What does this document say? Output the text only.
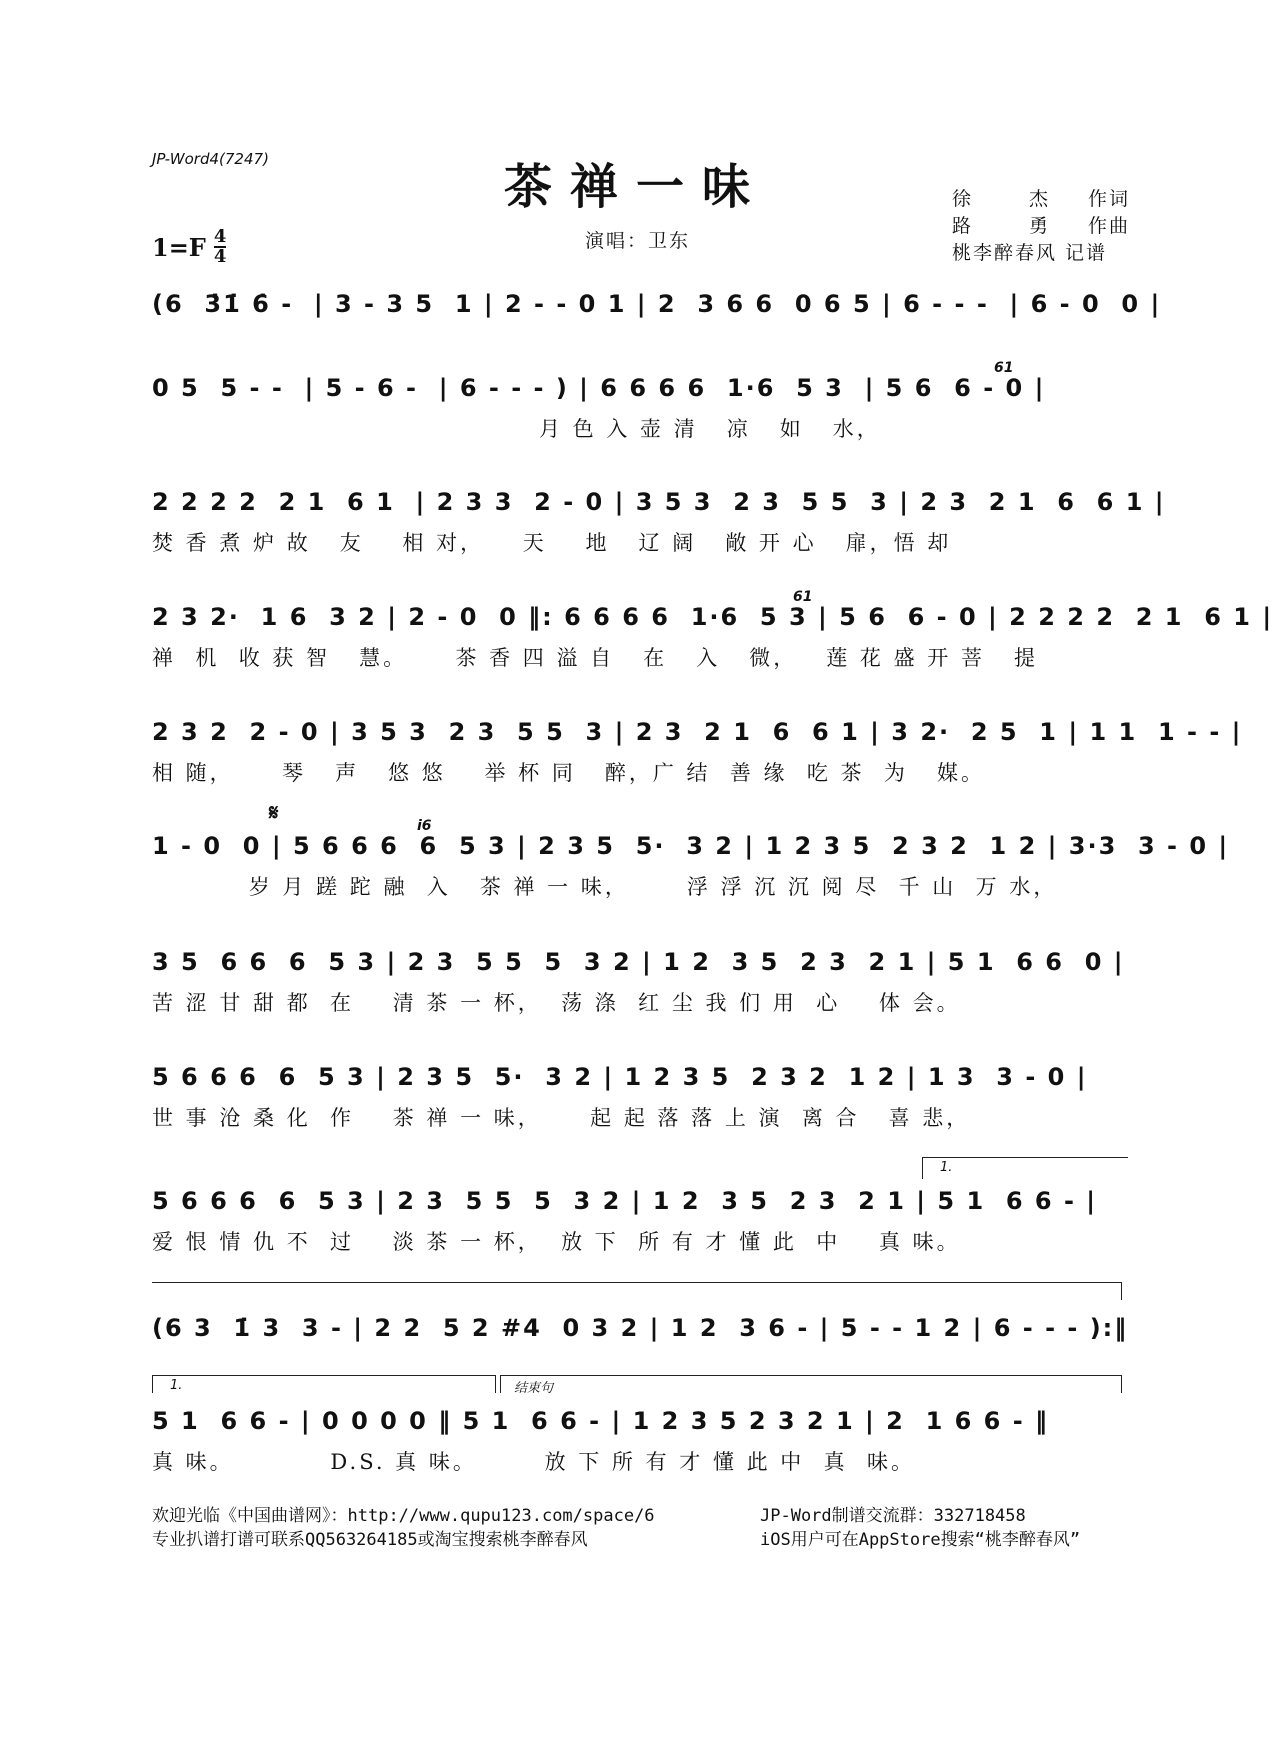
JP-Word4(7247)	茶禅一味	徐	杰 作词
路	勇 作曲
桃李醉春风 记谱
$1=F \frac{4}{4}$	演唱：卫东
(6  3̇1̇ 6̇ -  | 3 - 3 5  1 | 2 - - 0 1 | 2  3 6 6  0 6 5 | 6 - - -  | 6 - 0  0 |
0 5  5 - -  | 5 - 6 -  | 6 - - - ) | 6 6 6 6  1·6  5 3  | 5 6  6 - 0 |
月 色 入 壶 清   凉   如   水，
61
2 2 2 2  2 1  6 1  | 2 3 3  2 - 0 | 3 5 3  2 3  5 5  3 | 2 3  2 1  6  6 1 |
焚 香 煮 炉 故   友    相 对，    天    地   辽 阔   敞 开 心   扉，悟 却
2 3 2·  1 6  3 2 | 2 - 0  0 ‖: 6 6 6 6  1·6  5 3 | 5 6  6 - 0 | 2 2 2 2  2 1  6 1 |
禅  机  收 获 智   慧。     茶 香 四 溢 自   在   入   微，   莲 花 盛 开 菩   提
61
2 3 2  2 - 0 | 3 5 3  2 3  5 5  3 | 2 3  2 1  6  6 1 | 3 2·  2 5  1 | 1 1  1 - - |
相 随，     琴   声   悠 悠    举 杯 同   醉，广 结  善 缘  吃 茶  为   媒。
1 - 0  0 | 5 6 6 6  6  5 3 | 2 3 5  5·  3 2 | 1 2 3 5  2 3 2  1 2 | 3·3  3 - 0 |
岁 月 蹉 跎 融  入   茶 禅 一 味，      浮 浮 沉 沉 阅 尽  千 山  万 水，
𝄋	i6
3 5  6 6  6  5 3 | 2 3  5 5  5  3 2 | 1 2  3 5  2 3  2 1 | 5 1  6 6  0 |
苦 涩 甘 甜 都  在    清 茶 一 杯，  荡 涤  红 尘 我 们 用  心    体 会。
5 6 6 6  6  5 3 | 2 3 5  5·  3 2 | 1 2 3 5  2 3 2  1 2 | 1 3  3 - 0 |
世 事 沧 桑 化  作    茶 禅 一 味，     起 起 落 落 上 演  离 合   喜 悲，
5 6 6 6  6  5 3 | 2 3  5 5  5  3 2 | 1 2  3 5  2 3  2 1 | 5 1  6 6 - |
爱 恨 情 仇 不  过    淡 茶 一 杯，  放 下  所 有 才 懂 此  中    真 味。
1.
(6 3  1̇ 3  3 - | 2 2  5 2 #4  0 3 2 | 1 2  3 6 - | 5 - - 1 2 | 6 - - - ):‖
1.	结束句
5 1  6 6 - | 0 0 0 0 ‖ 5 1  6 6 - | 1 2 3 5 2 3 2 1 | 2  1 6 6 - ‖
真 味。          D.S. 真 味。       放 下 所 有 才 懂 此 中  真  味。
欢迎光临《中国曲谱网》：http://www.qupu123.com/space/6
专业扒谱打谱可联系QQ563264185或淘宝搜索桃李醉春风
JP-Word制谱交流群：332718458
iOS用户可在AppStore搜索“桃李醉春风”
